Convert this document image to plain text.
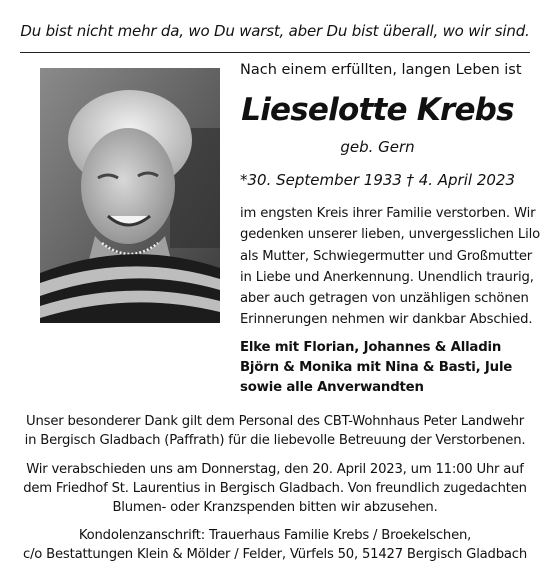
Du bist nicht mehr da, wo Du warst, aber Du bist überall, wo wir sind.
Nach einem erfüllten, langen Leben ist
Lieselotte Krebs
geb. Gern
*30. September 1933 † 4. April 2023

im engsten Kreis ihrer Familie verstorben. Wir

gedenken unserer lieben, unvergesslichen Lilo

als Mutter, Schwiegermutter und Großmutter

in Liebe und Anerkennung. Unendlich traurig,

aber auch getragen von unzähligen schönen

Erinnerungen nehmen wir dankbar Abschied.

Elke mit Florian, Johannes & Alladin
Björn & Monika mit Nina & Basti, Jule
sowie alle Anverwandten
Unser besonderer Dank gilt dem Personal des CBT-Wohnhaus Peter Landwehr
in Bergisch Gladbach (Paffrath) für die liebevolle Betreuung der Verstorbenen.
Wir verabschieden uns am Donnerstag, den 20. April 2023, um 11:00 Uhr auf
dem Friedhof St. Laurentius in Bergisch Gladbach. Von freundlich zugedachten
Blumen- oder Kranzspenden bitten wir abzusehen.
Kondolenzanschrift: Trauerhaus Familie Krebs / Broekelschen,
c/o Bestattungen Klein & Mölder / Felder, Vürfels 50, 51427 Bergisch Gladbach
